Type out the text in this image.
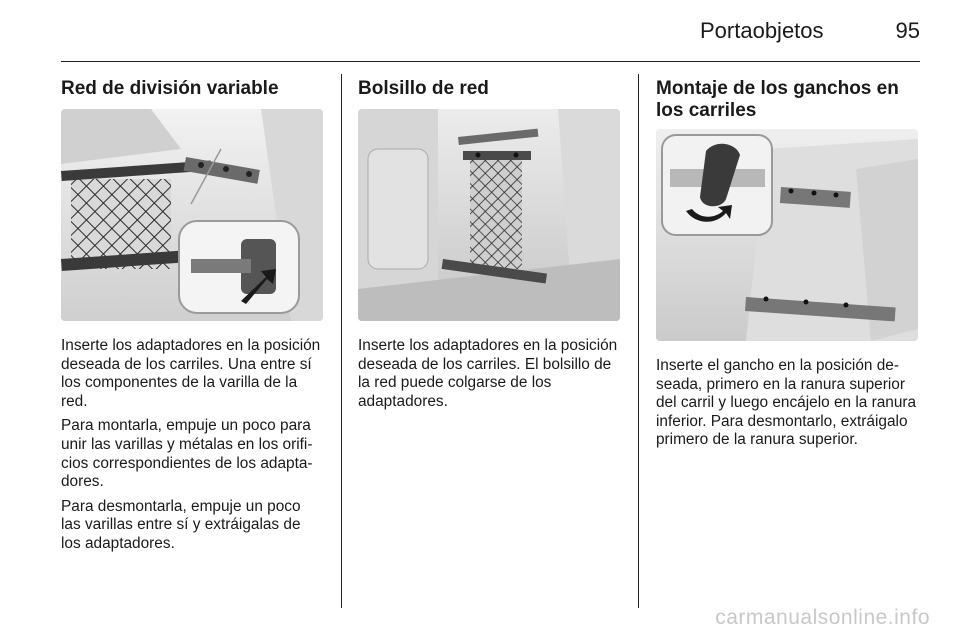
Portaobjetos	95
Red de división variable

Inserte los adaptadores en la posición deseada de los carriles. Una entre sí los componentes de la varilla de la red.

Para montarla, empuje un poco para unir las varillas y métalas en los orificios correspondientes de los adaptadores.

Para desmontarla, empuje un poco las varillas entre sí y extráigalas de los adaptadores.

Bolsillo de red

Inserte los adaptadores en la posición deseada de los carriles. El bolsillo de la red puede colgarse de los adaptadores.

Montaje de los ganchos en los carriles

Inserte el gancho en la posición deseada, primero en la ranura superior del carril y luego encájelo en la ranura inferior. Para desmontarlo, extráigalo primero de la ranura superior.

carmanualsonline.info
